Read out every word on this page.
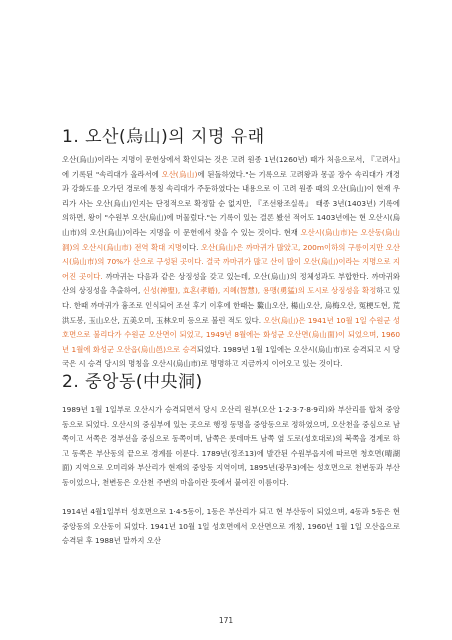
1. 오산(烏山)의 지명 유래

오산(烏山)이라는 지명이 문헌상에서 확인되는 것은 고려 원종 1년(1260년) 때가 처음으로서, 『고려사』에 기록된 "속리대가 올라서에 오산(烏山)에 된돌하였다."는 기록으로 고려왕과 몽골 장수 속리대가 개경과 강화도를 오가던 경로에 통칭 속리대가 주둔하였다는 내용으로 이 고려 원종 때의 오산(烏山)이 현재 우리가 사는 오산(烏山)인지는 단정적으로 확정할 순 없지만, 『조선왕조실록』 태종 3년(1403년) 기록에 의하면, 왕이 "수원부 오산(烏山)에 머물렀다."는 기록이 있는 결론 봤선 적어도 1403년에는 현 오산시(烏山市)의 오산(烏山)이라는 지명을 이 문헌에서 찾을 수 있는 것이다. 현재 오산시(烏山市)는 오산동(烏山洞)의 오산시(烏山市) 전역 확대 지명이다. 오산(烏山)은 까마귀가 많았고, 200m이하의 구릉이지만 오산시(烏山市)의 70%가 산으로 구성된 곳이다. 결국 까마귀가 많고 산이 많이 오산(烏山)이라는 지명으로 지어진 곳이다. 까마귀는 다음과 같은 상징성을 갖고 있는데, 오산(烏山)의 정체성과도 부합한다. 까마귀와 산의 상징성을 추출하여, 신성(神聖), 효혼(孝婚), 지혜(智慧), 용맹(勇猛)의 도시로 상징성을 확정하고 있다. 한때 까마귀가 흉조로 인식되어 조선 후기 이후에 한때는 鰲山오산, 楊山오산, 烏梅오산, 冤梗도현, 荒洪도봉, 玉山오산, 五美오미, 玉林오미 등으로 불린 적도 있다. 오산(烏山)은 1941년 10월 1일 수원군 성호면으로 불리다가 수원군 오산면이 되었고, 1949년 8월에는 화성군 오산면(烏山面)이 되었으며, 1960년 1월에 화성군 오산읍(烏山邑)으로 승격되었다. 1989년 1월 1일에는 오산시(烏山市)로 승격되고 시 당국은 시 승격 당시의 명칭을 오산시(烏山市)로 명명하고 지금까지 이어오고 있는 것이다.

2. 중앙동(中央洞)

1989년 1월 1일부로 오산시가 승격되면서 당시 오산리 원부(오산 1·2·3·7·8·9리)와 부산리를 합쳐 중앙동으로 되었다. 오산시의 중심부에 있는 곳으로 행정 동명을 중앙동으로 정하였으며, 오산천을 중심으로 남쪽이고 서쪽은 경부선을 중심으로 동쪽이며, 남쪽은 롯데마트 남쪽 옆 도로(성호대로)의 북쪽을 경계로 하고 동쪽은 부산동의 끝으로 경계를 이룬다. 1789년(정조13)에 발간된 수원부읍지에 따르면 청호면(晴湖面) 지역으로 오미리와 부산리가 현재의 중앙동 지역이며, 1895년(광무3)에는 성호면으로 천변동과 부산동이었으나, 천변동은 오산천 주변의 마을이란 뜻에서 붙여진 이름이다.

1914년 4월1일부터 성호면으로 1·4·5동이, 1동은 부산리가 되고 현 부산동이 되었으며, 4동과 5동은 현 중앙동의 오산동이 되었다. 1941년 10월 1일 성호면에서 오산면으로 개칭, 1960년 1월 1일 오산읍으로 승격된 후 1988년 말까지 오산

171
